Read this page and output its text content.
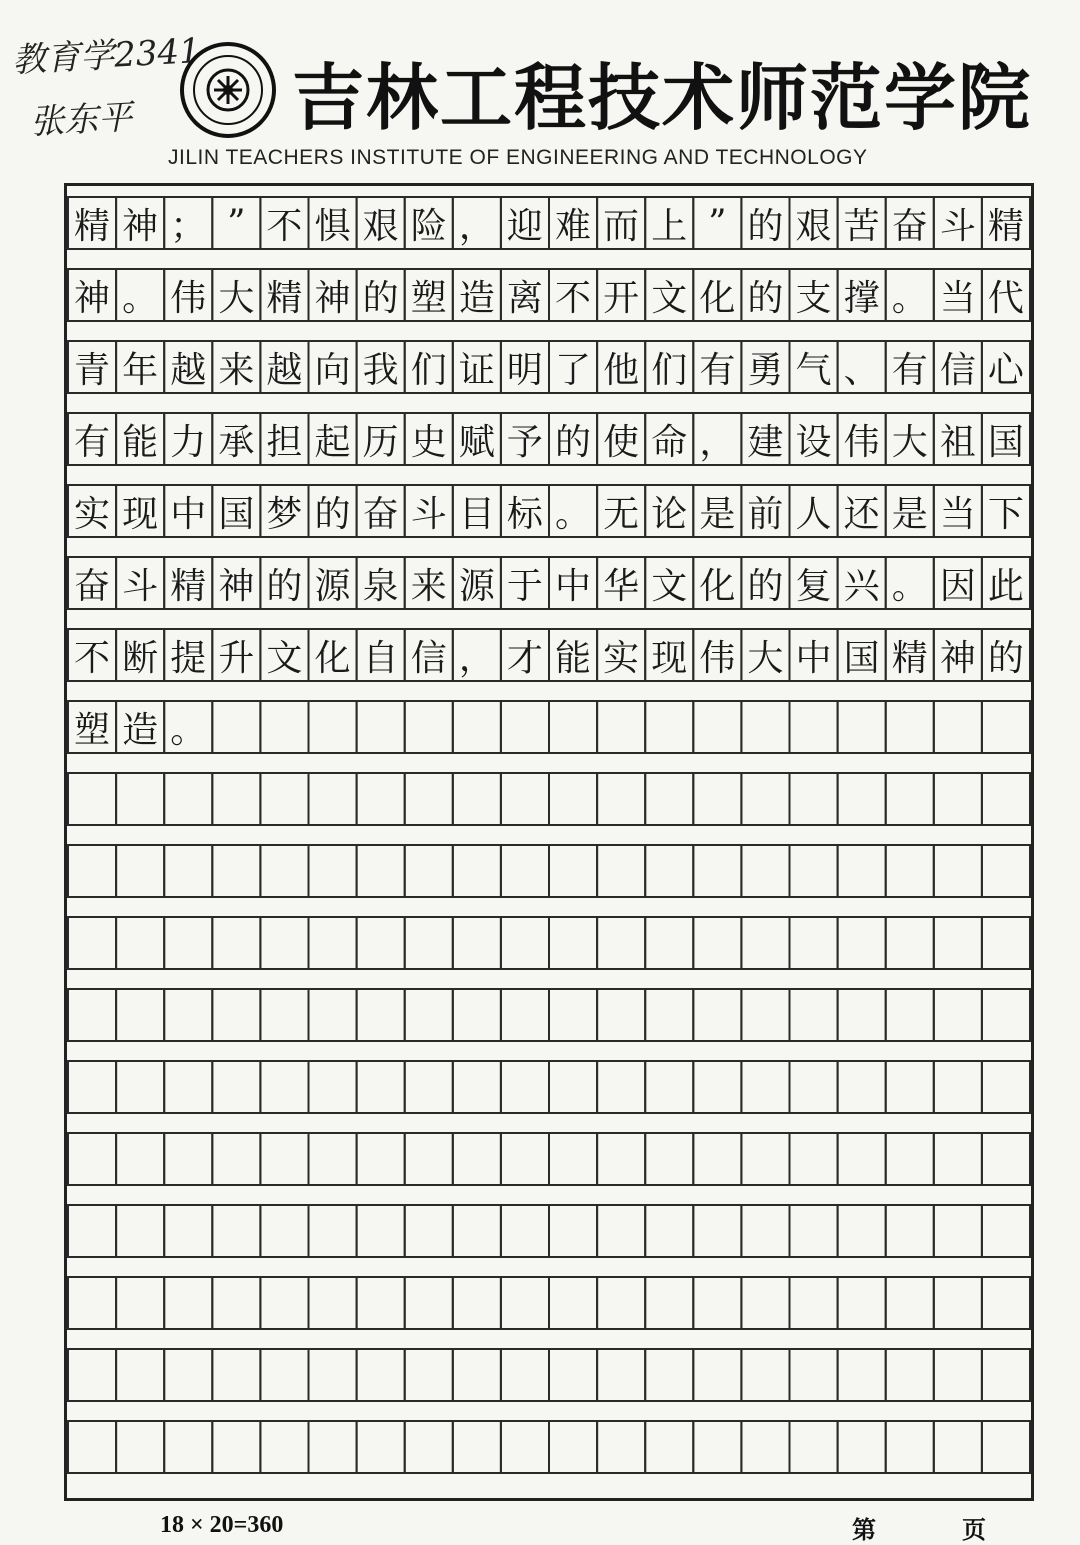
教育学2341
张东平 吉林工程技术师范学院
JILIN TEACHERS INSTITUTE OF ENGINEERING AND TECHNOLOGY
精 神 ； ” 不 惧 艰 险 ， 迎 难 而 上 ” 的 艰 苦 奋 斗 精
神 。 伟 大 精 神 的 塑 造 离 不 开 文 化 的 支 撑 。 当 代
青 年 越 来 越 向 我 们 证 明 了 他 们 有 勇 气 、 有 信 心
有 能 力 承 担 起 历 史 赋 予 的 使 命 ， 建 设 伟 大 祖 国
实 现 中 国 梦 的 奋 斗 目 标 。 无 论 是 前 人 还 是 当 下
奋 斗 精 神 的 源 泉 来 源 于 中 华 文 化 的 复 兴 。 因 此
不 断 提 升 文 化 自 信 ， 才 能 实 现 伟 大 中 国 精 神 的
塑 造 。
18 × 20=360	第	页
